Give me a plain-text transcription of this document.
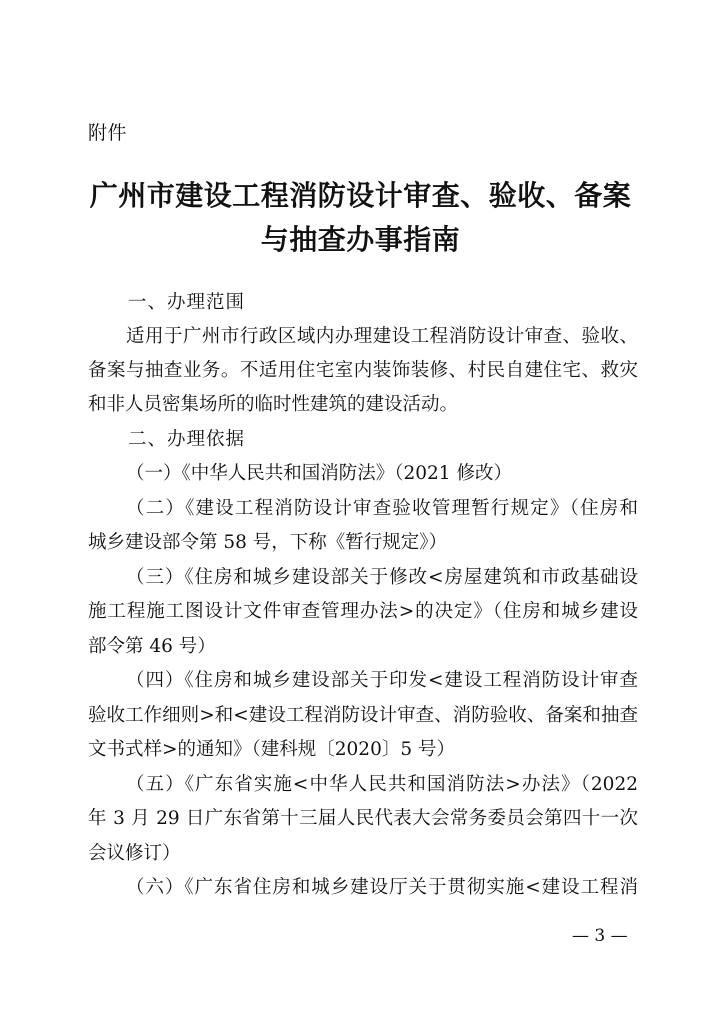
附件
广州市建设工程消防设计审查、验收、备案
与抽查办事指南
一、办理范围
适用于广州市行政区域内办理建设工程消防设计审查、验收、
备案与抽查业务。不适用住宅室内装饰装修、村民自建住宅、救灾
和非人员密集场所的临时性建筑的建设活动。
二、办理依据
（一）《中华人民共和国消防法》（2021 修改）
（二）《建设工程消防设计审查验收管理暂行规定》（住房和
城乡建设部令第 58 号，下称《暂行规定》）
（三）《住房和城乡建设部关于修改<房屋建筑和市政基础设
施工程施工图设计文件审查管理办法>的决定》（住房和城乡建设
部令第 46 号）
（四）《住房和城乡建设部关于印发<建设工程消防设计审查
验收工作细则>和<建设工程消防设计审查、消防验收、备案和抽查
文书式样>的通知》（建科规〔2020〕5 号）
（五）《广东省实施<中华人民共和国消防法>办法》（2022
年 3 月 29 日广东省第十三届人民代表大会常务委员会第四十一次
会议修订）
（六）《广东省住房和城乡建设厅关于贯彻实施<建设工程消
— 3 —
